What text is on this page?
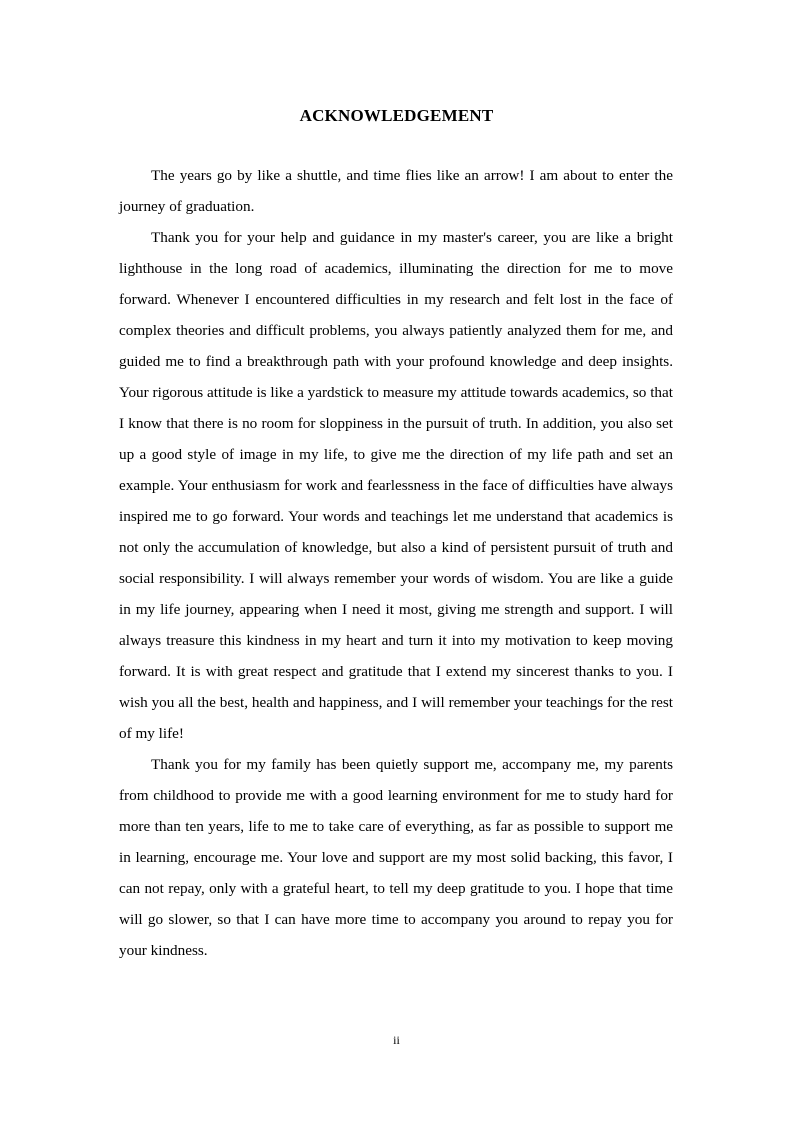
ACKNOWLEDGEMENT

The years go by like a shuttle, and time flies like an arrow! I am about to enter the journey of graduation.

Thank you for your help and guidance in my master's career, you are like a bright lighthouse in the long road of academics, illuminating the direction for me to move forward. Whenever I encountered difficulties in my research and felt lost in the face of complex theories and difficult problems, you always patiently analyzed them for me, and guided me to find a breakthrough path with your profound knowledge and deep insights. Your rigorous attitude is like a yardstick to measure my attitude towards academics, so that I know that there is no room for sloppiness in the pursuit of truth. In addition, you also set up a good style of image in my life, to give me the direction of my life path and set an example. Your enthusiasm for work and fearlessness in the face of difficulties have always inspired me to go forward. Your words and teachings let me understand that academics is not only the accumulation of knowledge, but also a kind of persistent pursuit of truth and social responsibility. I will always remember your words of wisdom. You are like a guide in my life journey, appearing when I need it most, giving me strength and support. I will always treasure this kindness in my heart and turn it into my motivation to keep moving forward. It is with great respect and gratitude that I extend my sincerest thanks to you. I wish you all the best, health and happiness, and I will remember your teachings for the rest of my life!

Thank you for my family has been quietly support me, accompany me, my parents from childhood to provide me with a good learning environment for me to study hard for more than ten years, life to me to take care of everything, as far as possible to support me in learning, encourage me. Your love and support are my most solid backing, this favor, I can not repay, only with a grateful heart, to tell my deep gratitude to you. I hope that time will go slower, so that I can have more time to accompany you around to repay you for your kindness.

ii
